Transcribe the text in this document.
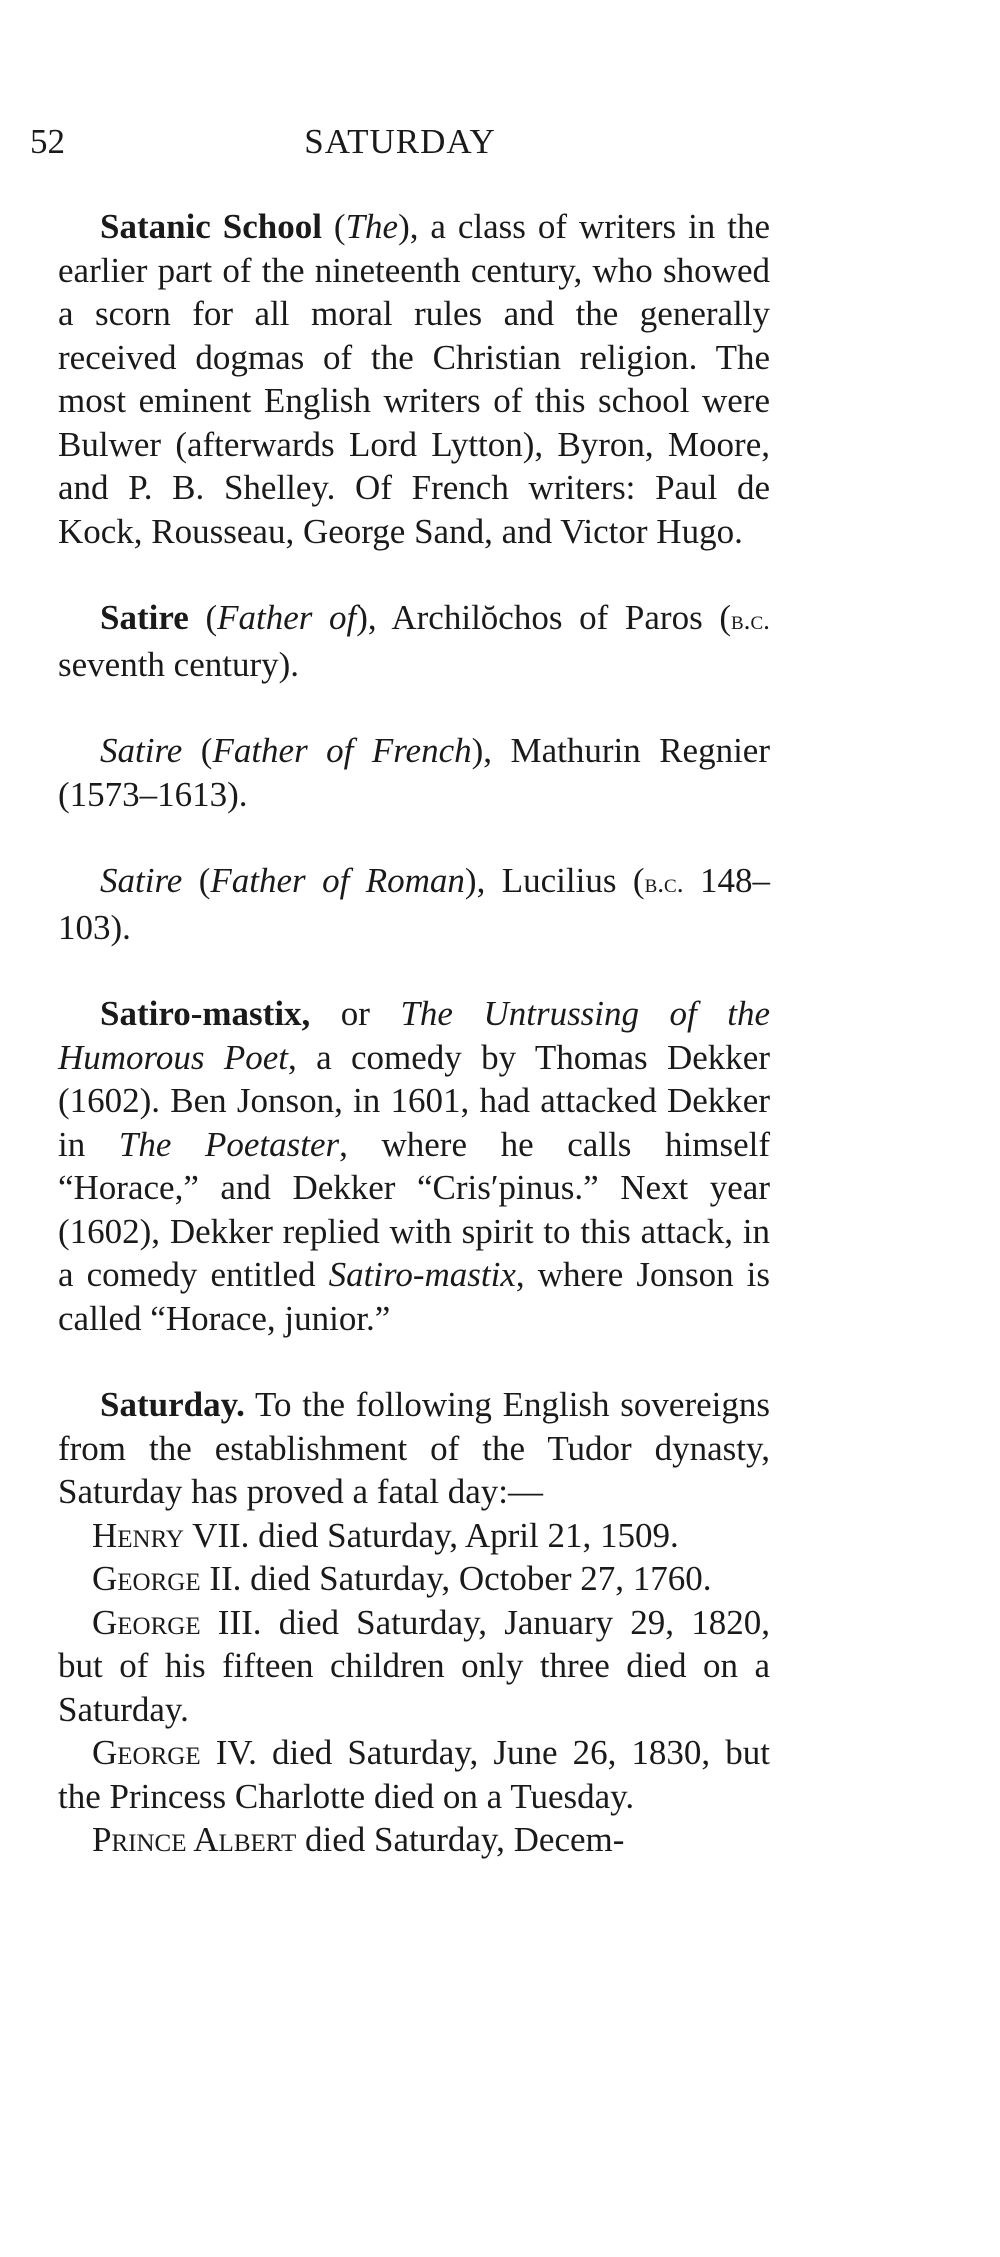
52	SATURDAY

Satanic School (The), a class of writers in the earlier part of the nineteenth century, who showed a scorn for all moral rules and the generally received dogmas of the Christian religion. The most eminent English writers of this school were Bulwer (afterwards Lord Lytton), Byron, Moore, and P. B. Shelley. Of French writers: Paul de Kock, Rousseau, George Sand, and Victor Hugo.

Satire (Father of), Archilŏchos of Paros (b.c. seventh century).

Satire (Father of French), Mathurin Regnier (1573–1613).

Satire (Father of Roman), Lucilius (b.c. 148–103).

Satiro-mastix, or The Untrussing of the Humorous Poet, a comedy by Thomas Dekker (1602). Ben Jonson, in 1601, had attacked Dekker in The Poetaster, where he calls himself “Horace,” and Dekker “Cris′pinus.” Next year (1602), Dekker replied with spirit to this attack, in a comedy entitled Satiro-mastix, where Jonson is called “Horace, junior.”

Saturday. To the following English sovereigns from the establishment of the Tudor dynasty, Saturday has proved a fatal day:—

Henry VII. died Saturday, April 21, 1509.

George II. died Saturday, October 27, 1760.

George III. died Saturday, January 29, 1820, but of his fifteen children only three died on a Saturday.

George IV. died Saturday, June 26, 1830, but the Princess Charlotte died on a Tuesday.

Prince Albert died Saturday, Decem-
